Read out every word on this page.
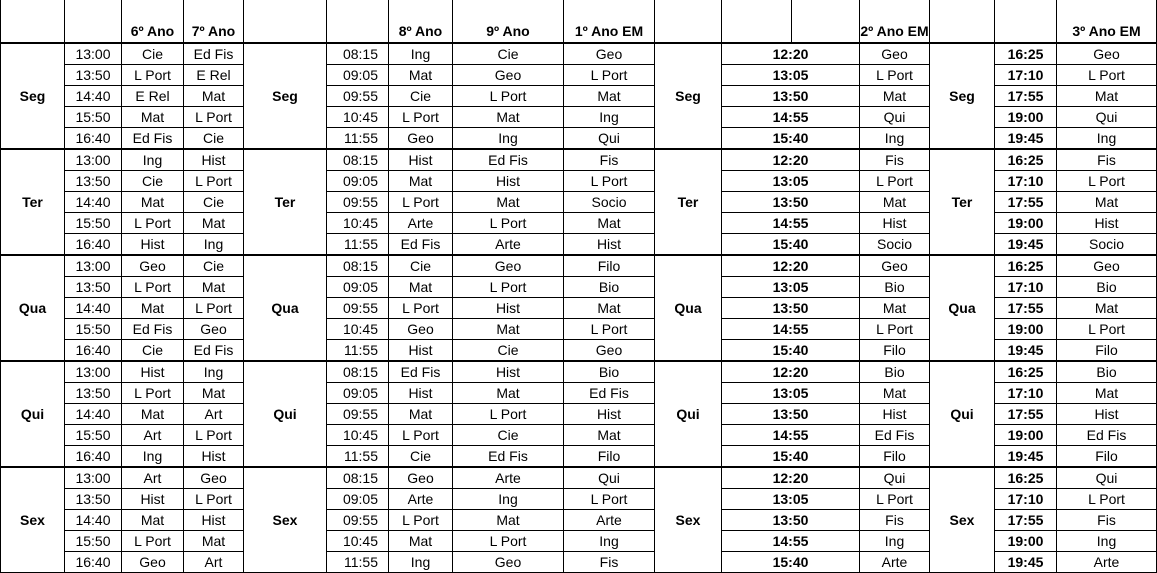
		6º Ano	7º Ano			8º Ano	9º Ano	1º Ano EM				2º Ano EM			3º Ano EM
Seg	13:00	Cie	Ed Fis	Seg	08:15	Ing	Cie	Geo	Seg	12:20		Geo	Seg	16:25	Geo
	13:50	L Port	E Rel		09:05	Mat	Geo	L Port		13:05		L Port		17:10	L Port
	14:40	E Rel	Mat		09:55	Cie	L Port	Mat		13:50		Mat		17:55	Mat
	15:50	Mat	L Port		10:45	L Port	Mat	Ing		14:55		Qui		19:00	Qui
	16:40	Ed Fis	Cie		11:55	Geo	Ing	Qui		15:40		Ing		19:45	Ing
Ter	13:00	Ing	Hist	Ter	08:15	Hist	Ed Fis	Fis	Ter	12:20		Fis	Ter	16:25	Fis
	13:50	Cie	L Port		09:05	Mat	Hist	L Port		13:05		L Port		17:10	L Port
	14:40	Mat	Cie		09:55	L Port	Mat	Socio		13:50		Mat		17:55	Mat
	15:50	L Port	Mat		10:45	Arte	L Port	Mat		14:55		Hist		19:00	Hist
	16:40	Hist	Ing		11:55	Ed Fis	Arte	Hist		15:40		Socio		19:45	Socio
Qua	13:00	Geo	Cie	Qua	08:15	Cie	Geo	Filo	Qua	12:20		Geo	Qua	16:25	Geo
	13:50	L Port	Mat		09:05	Mat	L Port	Bio		13:05		Bio		17:10	Bio
	14:40	Mat	L Port		09:55	L Port	Hist	Mat		13:50		Mat		17:55	Mat
	15:50	Ed Fis	Geo		10:45	Geo	Mat	L Port		14:55		L Port		19:00	L Port
	16:40	Cie	Ed Fis		11:55	Hist	Cie	Geo		15:40		Filo		19:45	Filo
Qui	13:00	Hist	Ing	Qui	08:15	Ed Fis	Hist	Bio	Qui	12:20		Bio	Qui	16:25	Bio
	13:50	L Port	Mat		09:05	Hist	Mat	Ed Fis		13:05		Mat		17:10	Mat
	14:40	Mat	Art		09:55	Mat	L Port	Hist		13:50		Hist		17:55	Hist
	15:50	Art	L Port		10:45	L Port	Cie	Mat		14:55		Ed Fis		19:00	Ed Fis
	16:40	Ing	Hist		11:55	Cie	Ed Fis	Filo		15:40		Filo		19:45	Filo
Sex	13:00	Art	Geo	Sex	08:15	Geo	Arte	Qui	Sex	12:20		Qui	Sex	16:25	Qui
	13:50	Hist	L Port		09:05	Arte	Ing	L Port		13:05		L Port		17:10	L Port
	14:40	Mat	Hist		09:55	L Port	Mat	Arte		13:50		Fis		17:55	Fis
	15:50	L Port	Mat		10:45	Mat	L Port	Ing		14:55		Ing		19:00	Ing
	16:40	Geo	Art		11:55	Ing	Geo	Fis		15:40		Arte		19:45	Arte
